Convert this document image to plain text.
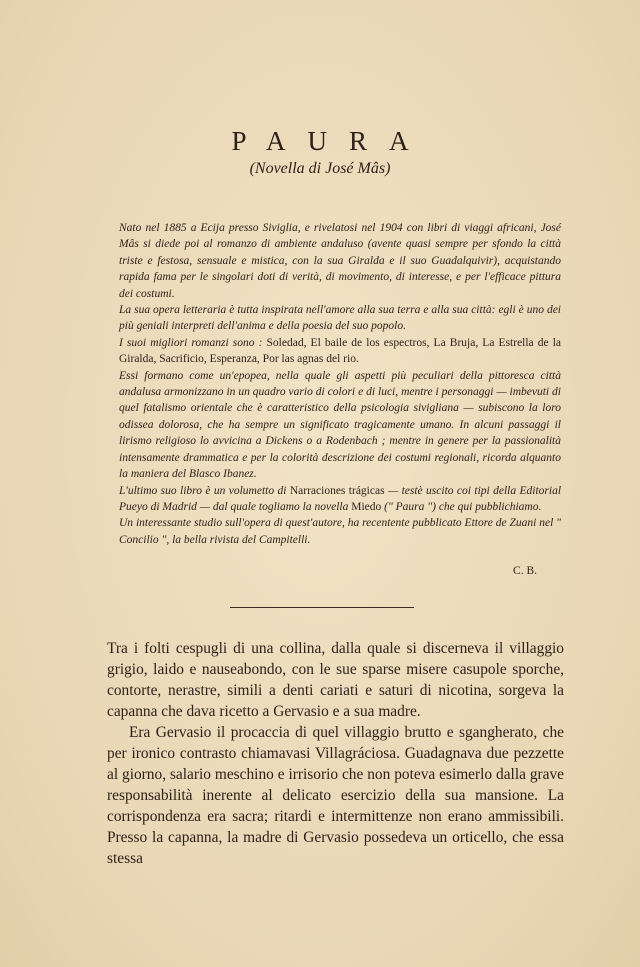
PAURA
(Novella di José Mâs)

Nato nel 1885 a Ecija presso Siviglia, e rivelatosi nel 1904 con libri di viaggi africani, José Mâs si diede poi al romanzo di ambiente andaluso (avente quasi sempre per sfondo la città triste e festosa, sensuale e mistica, con la sua Giralda e il suo Guadalquivir), acquistando rapida fama per le singolari doti di verità, di movimento, di interesse, e per l'efficace pittura dei costumi.

La sua opera letteraria è tutta inspirata nell'amore alla sua terra e alla sua città: egli è uno dei più geniali interpreti dell'anima e della poesia del suo popolo.

I suoi migliori romanzi sono : Soledad, El baile de los espectros, La Bruja, La Estrella de la Giralda, Sacrificio, Esperanza, Por las agnas del rio.

Essi formano come un'epopea, nella quale gli aspetti più peculiari della pittoresca città andalusa armonizzano in un quadro vario di colori e di luci, mentre i personaggi — imbevuti di quel fatalismo orientale che è caratteristico della psicologia sivigliana — subiscono la loro odissea dolorosa, che ha sempre un significato tragicamente umano. In alcuni passaggi il lirismo religioso lo avvicina a Dickens o a Rodenbach ; mentre in genere per la passionalità intensamente drammatica e per la colorità descrizione dei costumi regionali, ricorda alquanto la maniera del Blasco Ibanez.

L'ultimo suo libro è un volumetto di Narraciones trágicas — testè uscito coi tipi della Editorial Pueyo di Madrid — dal quale togliamo la novella Miedo (" Paura ") che qui pubblichiamo.

Un interessante studio sull'opera di quest'autore, ha recentente pubblicato Ettore de Zuani nel " Concilio ", la bella rivista del Campitelli.

C. B.

Tra i folti cespugli di una collina, dalla quale si discerneva il villaggio grigio, laido e nauseabondo, con le sue sparse misere casupole sporche, contorte, nerastre, simili a denti cariati e saturi di nicotina, sorgeva la capanna che dava ricetto a Gervasio e a sua madre.

Era Gervasio il procaccia di quel villaggio brutto e sgangherato, che per ironico contrasto chiamavasi Villagráciosa. Guadagnava due pezzette al giorno, salario meschino e irrisorio che non poteva esimerlo dalla grave responsabilità inerente al delicato esercizio della sua mansione. La corrispondenza era sacra; ritardi e intermittenze non erano ammissibili. Presso la capanna, la madre di Gervasio possedeva un orticello, che essa stessa
